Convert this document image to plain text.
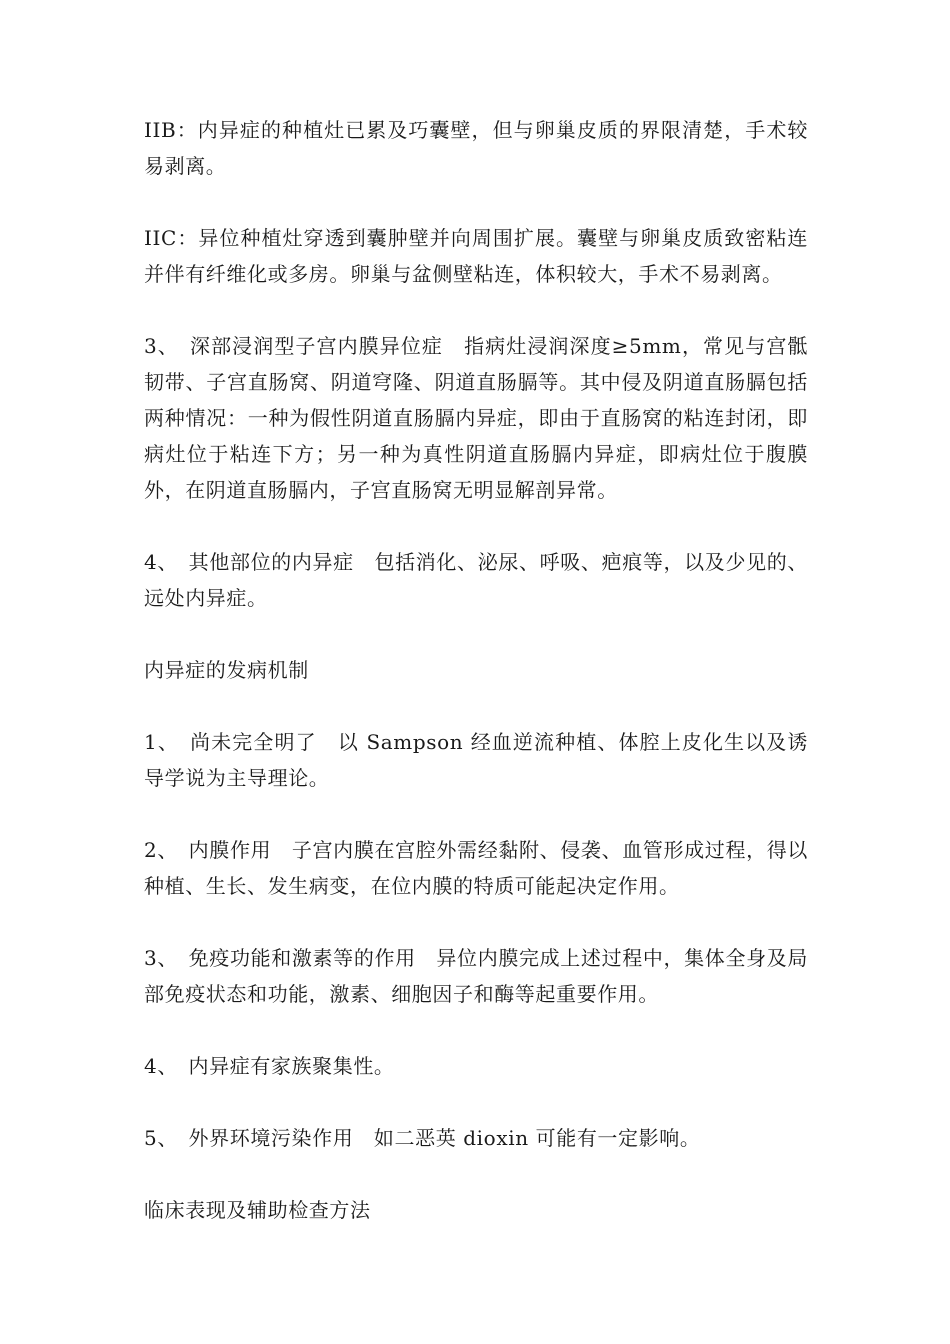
IIB：内异症的种植灶已累及巧囊壁，但与卵巢皮质的界限清楚，手术较易剥离。

IIC：异位种植灶穿透到囊肿壁并向周围扩展。囊壁与卵巢皮质致密粘连并伴有纤维化或多房。卵巢与盆侧壁粘连，体积较大，手术不易剥离。

3、　深部浸润型子宫内膜异位症　指病灶浸润深度≥5mm，常见与宫骶韧带、子宫直肠窝、阴道穹隆、阴道直肠膈等。其中侵及阴道直肠膈包括两种情况：一种为假性阴道直肠膈内异症，即由于直肠窝的粘连封闭，即病灶位于粘连下方；另一种为真性阴道直肠膈内异症，即病灶位于腹膜外，在阴道直肠膈内，子宫直肠窝无明显解剖异常。

4、　其他部位的内异症　包括消化、泌尿、呼吸、疤痕等，以及少见的、远处内异症。

内异症的发病机制

1、　尚未完全明了　以 Sampson 经血逆流种植、体腔上皮化生以及诱导学说为主导理论。

2、　内膜作用　子宫内膜在宫腔外需经黏附、侵袭、血管形成过程，得以种植、生长、发生病变，在位内膜的特质可能起决定作用。

3、　免疫功能和激素等的作用　异位内膜完成上述过程中，集体全身及局部免疫状态和功能，激素、细胞因子和酶等起重要作用。

4、　内异症有家族聚集性。

5、　外界环境污染作用　如二恶英 dioxin 可能有一定影响。

临床表现及辅助检查方法
